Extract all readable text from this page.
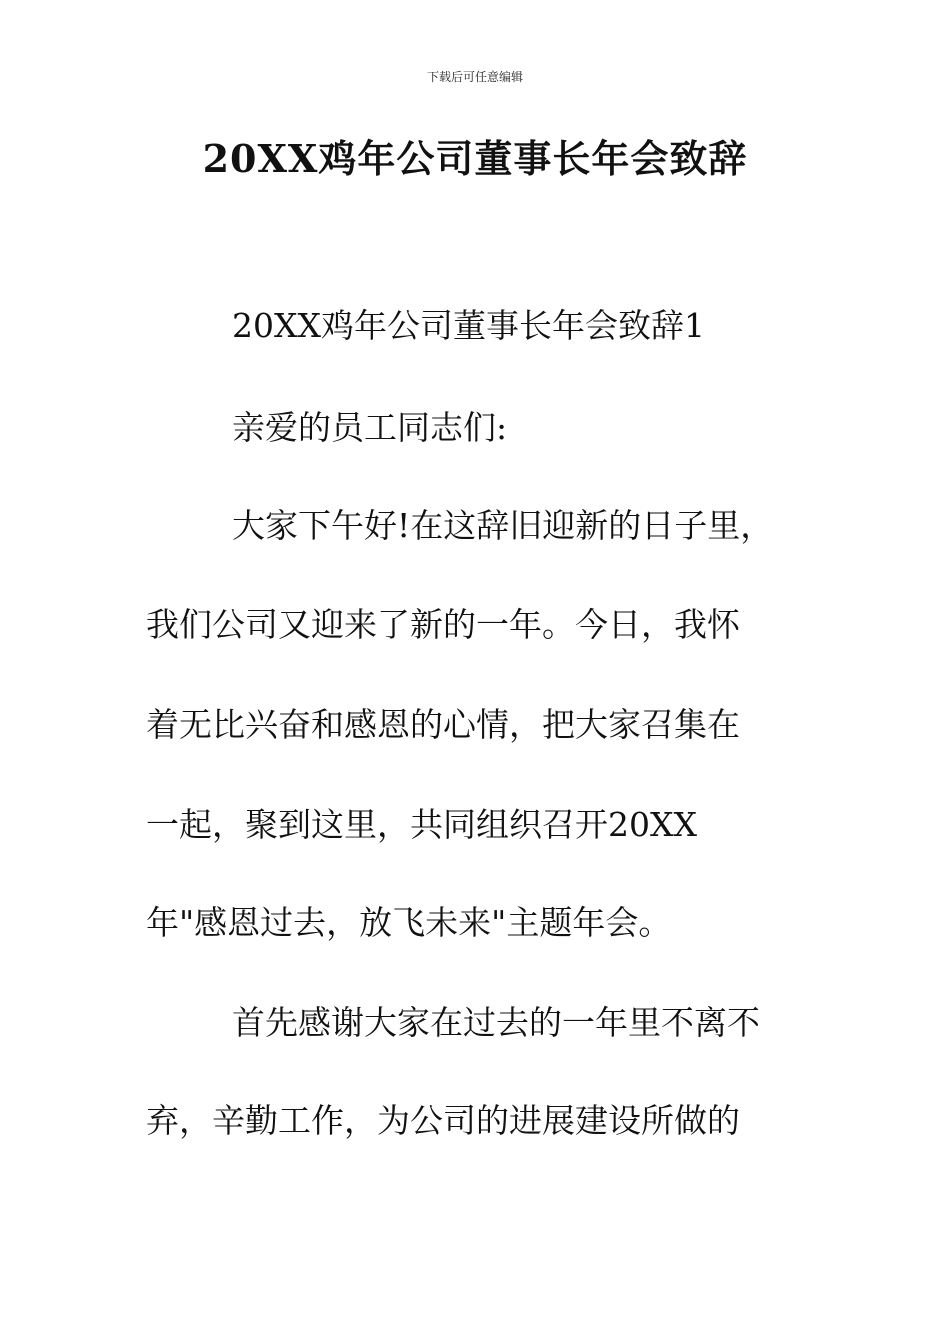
下载后可任意编辑
20XX鸡年公司董事长年会致辞

20XX鸡年公司董事长年会致辞1

亲爱的员工同志们:

大家下午好!在这辞旧迎新的日子里，

我们公司又迎来了新的一年。今日，我怀

着无比兴奋和感恩的心情，把大家召集在

一起，聚到这里，共同组织召开20XX

年"感恩过去，放飞未来"主题年会。

首先感谢大家在过去的一年里不离不

弃，辛勤工作，为公司的进展建设所做的
